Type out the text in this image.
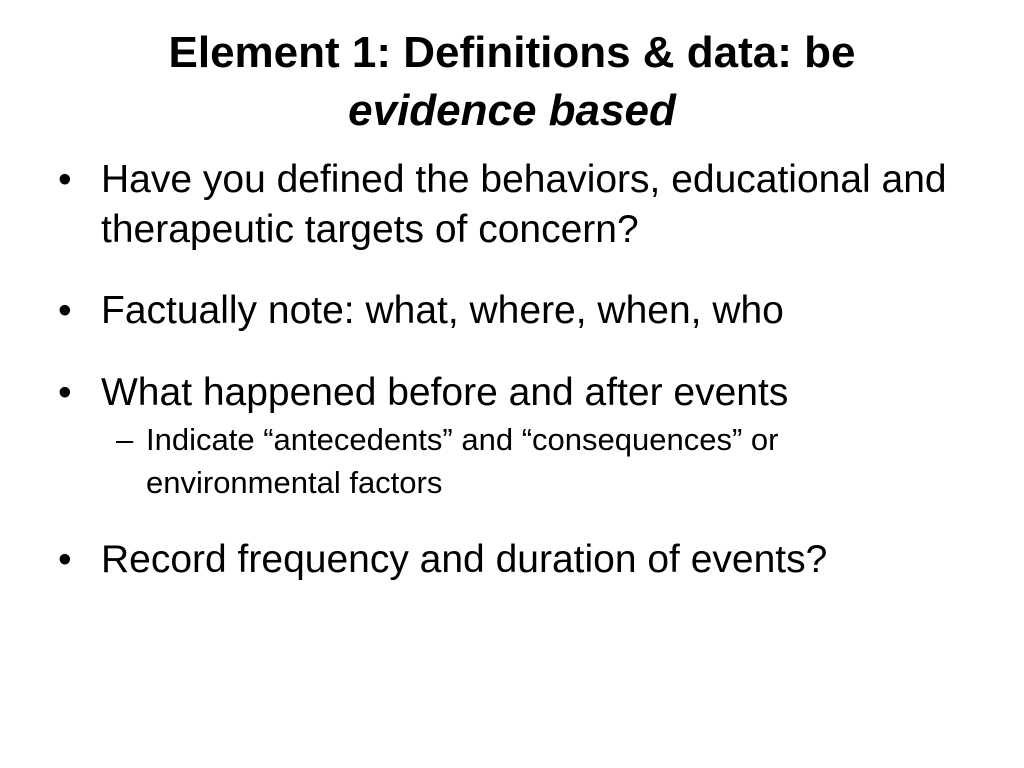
Element 1: Definitions & data: be
evidence based
• Have you defined the behaviors, educational and therapeutic targets of concern?
• Factually note: what, where, when, who
• What happened before and after events
– Indicate “antecedents” and “consequences” or environmental factors
• Record frequency and duration of events?
